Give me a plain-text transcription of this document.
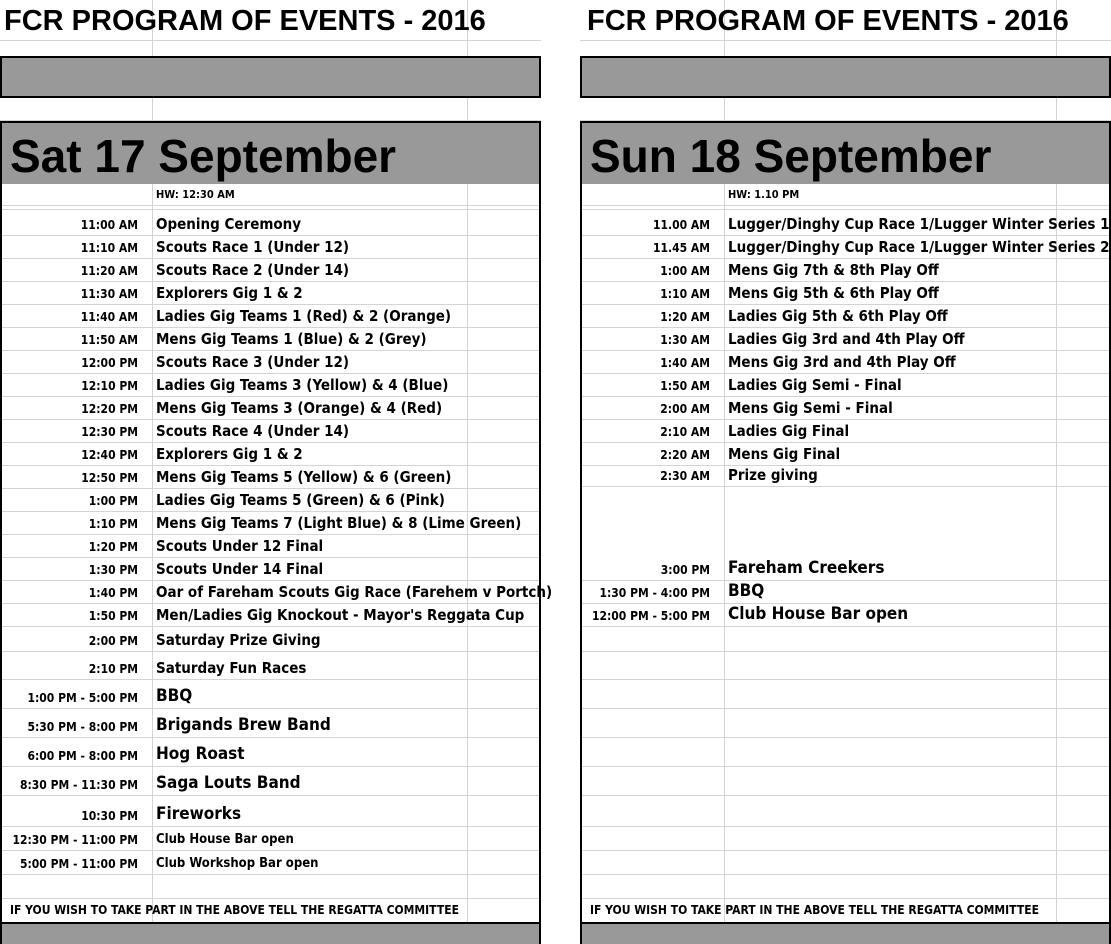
FCR PROGRAM OF EVENTS - 2016
Sat 17 September
HW: 12:30 AM
11:00 AM Opening Ceremony
11:10 AM Scouts Race 1 (Under 12)
11:20 AM Scouts Race 2 (Under 14)
11:30 AM Explorers Gig 1 & 2
11:40 AM Ladies Gig Teams 1 (Red) & 2 (Orange)
11:50 AM Mens Gig Teams 1 (Blue) & 2 (Grey)
12:00 PM Scouts Race 3 (Under 12)
12:10 PM Ladies Gig Teams 3 (Yellow) & 4 (Blue)
12:20 PM Mens Gig Teams 3 (Orange) & 4 (Red)
12:30 PM Scouts Race 4 (Under 14)
12:40 PM Explorers Gig 1 & 2
12:50 PM Mens Gig Teams 5 (Yellow) & 6 (Green)
1:00 PM Ladies Gig Teams 5 (Green) & 6 (Pink)
1:10 PM Mens Gig Teams 7 (Light Blue) & 8 (Lime Green)
1:20 PM Scouts Under 12 Final
1:30 PM Scouts Under 14 Final
1:40 PM Oar of Fareham Scouts Gig Race (Farehem v Portch)
1:50 PM Men/Ladies Gig Knockout - Mayor's Reggata Cup
2:00 PM Saturday Prize Giving
2:10 PM Saturday Fun Races
1:00 PM - 5:00 PM BBQ
5:30 PM - 8:00 PM Brigands Brew Band
6:00 PM - 8:00 PM Hog Roast
8:30 PM - 11:30 PM Saga Louts Band
10:30 PM Fireworks
12:30 PM - 11:00 PM Club House Bar open
5:00 PM - 11:00 PM Club Workshop Bar open
IF YOU WISH TO TAKE PART IN THE ABOVE TELL THE REGATTA COMMITTEE
FCR PROGRAM OF EVENTS - 2016
Sun 18 September
HW: 1.10 PM
11.00 AM Lugger/Dinghy Cup Race 1/Lugger Winter Series 1
11.45 AM Lugger/Dinghy Cup Race 1/Lugger Winter Series 2
1:00 AM Mens Gig 7th & 8th Play Off
1:10 AM Mens Gig 5th & 6th Play Off
1:20 AM Ladies Gig 5th & 6th Play Off
1:30 AM Ladies Gig 3rd and 4th Play Off
1:40 AM Mens Gig 3rd and 4th Play Off
1:50 AM Ladies Gig Semi - Final
2:00 AM Mens Gig Semi - Final
2:10 AM Ladies Gig Final
2:20 AM Mens Gig Final
2:30 AM Prize giving
3:00 PM Fareham Creekers
1:30 PM - 4:00 PM BBQ
12:00 PM - 5:00 PM Club House Bar open
IF YOU WISH TO TAKE PART IN THE ABOVE TELL THE REGATTA COMMITTEE
